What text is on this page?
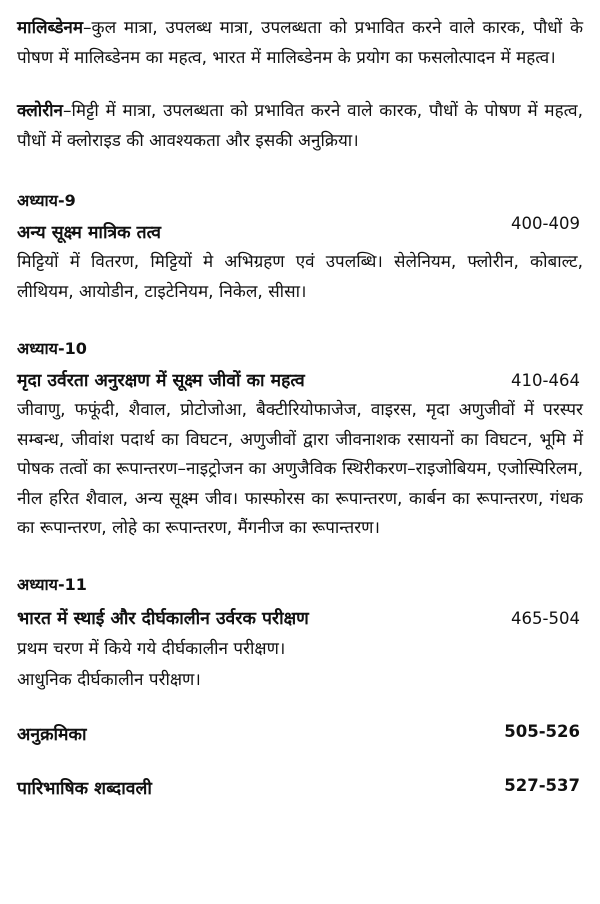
मालिब्डेनम–कुल मात्रा, उपलब्ध मात्रा, उपलब्धता को प्रभावित करने वाले कारक, पौधों के पोषण में मालिब्डेनम का महत्व, भारत में मालिब्डेनम के प्रयोग का फसलोत्पादन में महत्व।

क्लोरीन–मिट्टी में मात्रा, उपलब्धता को प्रभावित करने वाले कारक, पौधों के पोषण में महत्व, पौधों में क्लोराइड की आवश्यकता और इसकी अनुक्रिया।

अध्याय-9

अन्य सूक्ष्म मात्रिक तत्व	400-409

मिट्टियों में वितरण, मिट्टियों मे अभिग्रहण एवं उपलब्धि। सेलेनियम, फ्लोरीन, कोबाल्ट, लीथियम, आयोडीन, टाइटेनियम, निकेल, सीसा।

अध्याय-10

मृदा उर्वरता अनुरक्षण में सूक्ष्म जीवों का महत्व	410-464

जीवाणु, फफूंदी, शैवाल, प्रोटोजोआ, बैक्टीरियोफाजेज, वाइरस, मृदा अणुजीवों में परस्पर सम्बन्ध, जीवांश पदार्थ का विघटन, अणुजीवों द्वारा जीवनाशक रसायनों का विघटन, भूमि में पोषक तत्वों का रूपान्तरण–नाइट्रोजन का अणुजैविक स्थिरीकरण–राइजोबियम, एजोस्पिरिलम, नील हरित शैवाल, अन्य सूक्ष्म जीव। फास्फोरस का रूपान्तरण, कार्बन का रूपान्तरण, गंधक का रूपान्तरण, लोहे का रूपान्तरण, मैंगनीज का रूपान्तरण।

अध्याय-11

भारत में स्थाई और दीर्घकालीन उर्वरक परीक्षण	465-504

प्रथम चरण में किये गये दीर्घकालीन परीक्षण।

आधुनिक दीर्घकालीन परीक्षण।

अनुक्रमिका	505-526
पारिभाषिक शब्दावली	527-537
